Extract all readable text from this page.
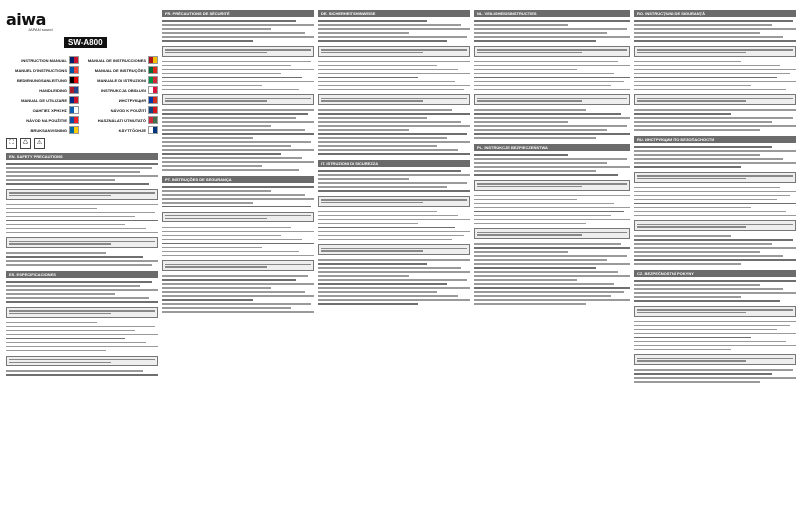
aiwa
JAPAN sound
SW-A800
INSTRUCTION MANUAL	MANUAL DE INSTRUCCIONES
MANUEL D'INSTRUCTIONS	MANUAL DE INSTRUÇÕES
BEDIENUNGSANLEITUNG	MANUALE DI ISTRUZIONI
HANDLEIDING	INSTRUKCJA OBSŁUGI
MANUAL DE UTILIZARE	ИНСТРУКЦИЯ
ΟΔΗΓΙΕΣ ΧΡΗΣΗΣ	NÁVOD K POUŽITÍ
NÁVOD NA POUŽITIE	HASZNÁLATI ÚTMUTATÓ
BRUKSANVISNING	KÄYTTÖOHJE
⛶	♺	⚠
EN. SAFETY PRECAUTIONS
ES. ESPECIFICACIONES
FR. PRÉCAUTIONS DE SÉCURITÉ
PT. INSTRUÇÕES DE SEGURANÇA
DE. SICHERHEITSHINWEISE
IT. ISTRUZIONI DI SICUREZZA
NL. VEILIGHEIDSINSTRUCTIES
PL. INSTRUKCJE BEZPIECZEŃSTWA
RO. INSTRUCȚIUNI DE SIGURANȚĂ
RU. ИНСТРУКЦИИ ПО БЕЗОПАСНОСТИ
CZ. BEZPEČNOSTNÍ POKYNY
